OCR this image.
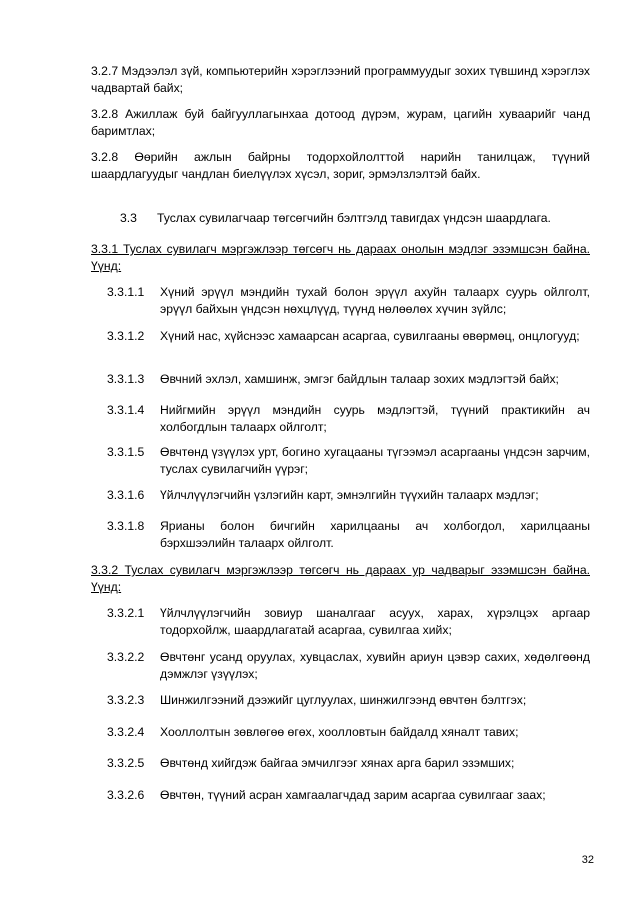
3.2.7 Мэдээлэл зүй, компьютерийн хэрэглээний программуудыг зохих түвшинд хэрэглэх чадвартай байх;

3.2.8 Ажиллаж буй байгууллагынхаа дотоод дүрэм, журам, цагийн хуваарийг чанд баримтлах;

3.2.8 Өөрийн ажлын байрны тодорхойлолттой нарийн танилцаж, түүний шаардлагуудыг чандлан биелүүлэх хүсэл, зориг, эрмэлзлэлтэй байх.

3.3 Туслах сувилагчаар төгсөгчийн бэлтгэлд тавигдах үндсэн шаардлага.

3.3.1 Туслах сувилагч мэргэжлээр төгсөгч нь дараах онолын мэдлэг эзэмшсэн байна. Үүнд:

3.3.1.1	Хүний эрүүл мэндийн тухай болон эрүүл ахуйн талаарх суурь ойлголт, эрүүл байхын үндсэн нөхцлүүд, түүнд нөлөөлөх хүчин зүйлс;
3.3.1.2	Хүний нас, хүйснээс хамаарсан асаргаа, сувилгааны өвөрмөц, онцлогууд;
3.3.1.3	Өвчний эхлэл, хамшинж, эмгэг байдлын талаар зохих мэдлэгтэй байх;
3.3.1.4	Нийгмийн эрүүл мэндийн суурь мэдлэгтэй, түүний практикийн ач холбогдлын талаарх ойлголт;
3.3.1.5	Өвчтөнд үзүүлэх урт, богино хугацааны түгээмэл асаргааны үндсэн зарчим, туслах сувилагчийн үүрэг;
3.3.1.6	Үйлчлүүлэгчийн үзлэгийн карт, эмнэлгийн түүхийн талаарх мэдлэг;
3.3.1.8	Ярианы болон бичгийн харилцааны ач холбогдол, харилцааны бэрхшээлийн талаарх ойлголт.

3.3.2 Туслах сувилагч мэргэжлээр төгсөгч нь дараах ур чадварыг эзэмшсэн байна. Үүнд:

3.3.2.1	Үйлчлүүлэгчийн зовиур шаналгааг асуух, харах, хүрэлцэх аргаар тодорхойлж, шаардлагатай асаргаа, сувилгаа хийх;
3.3.2.2	Өвчтөнг усанд оруулах, хувцаслах, хувийн ариун цэвэр сахих, хөдөлгөөнд дэмжлэг үзүүлэх;
3.3.2.3	Шинжилгээний дээжийг цуглуулах, шинжилгээнд өвчтөн бэлтгэх;
3.3.2.4	Хооллолтын зөвлөгөө өгөх, хоолловтын байдалд хяналт тавих;
3.3.2.5	Өвчтөнд хийгдэж байгаа эмчилгээг хянах арга барил эзэмших;
3.3.2.6	Өвчтөн, түүний асран хамгаалагчдад зарим асаргаа сувилгааг заах;
32
